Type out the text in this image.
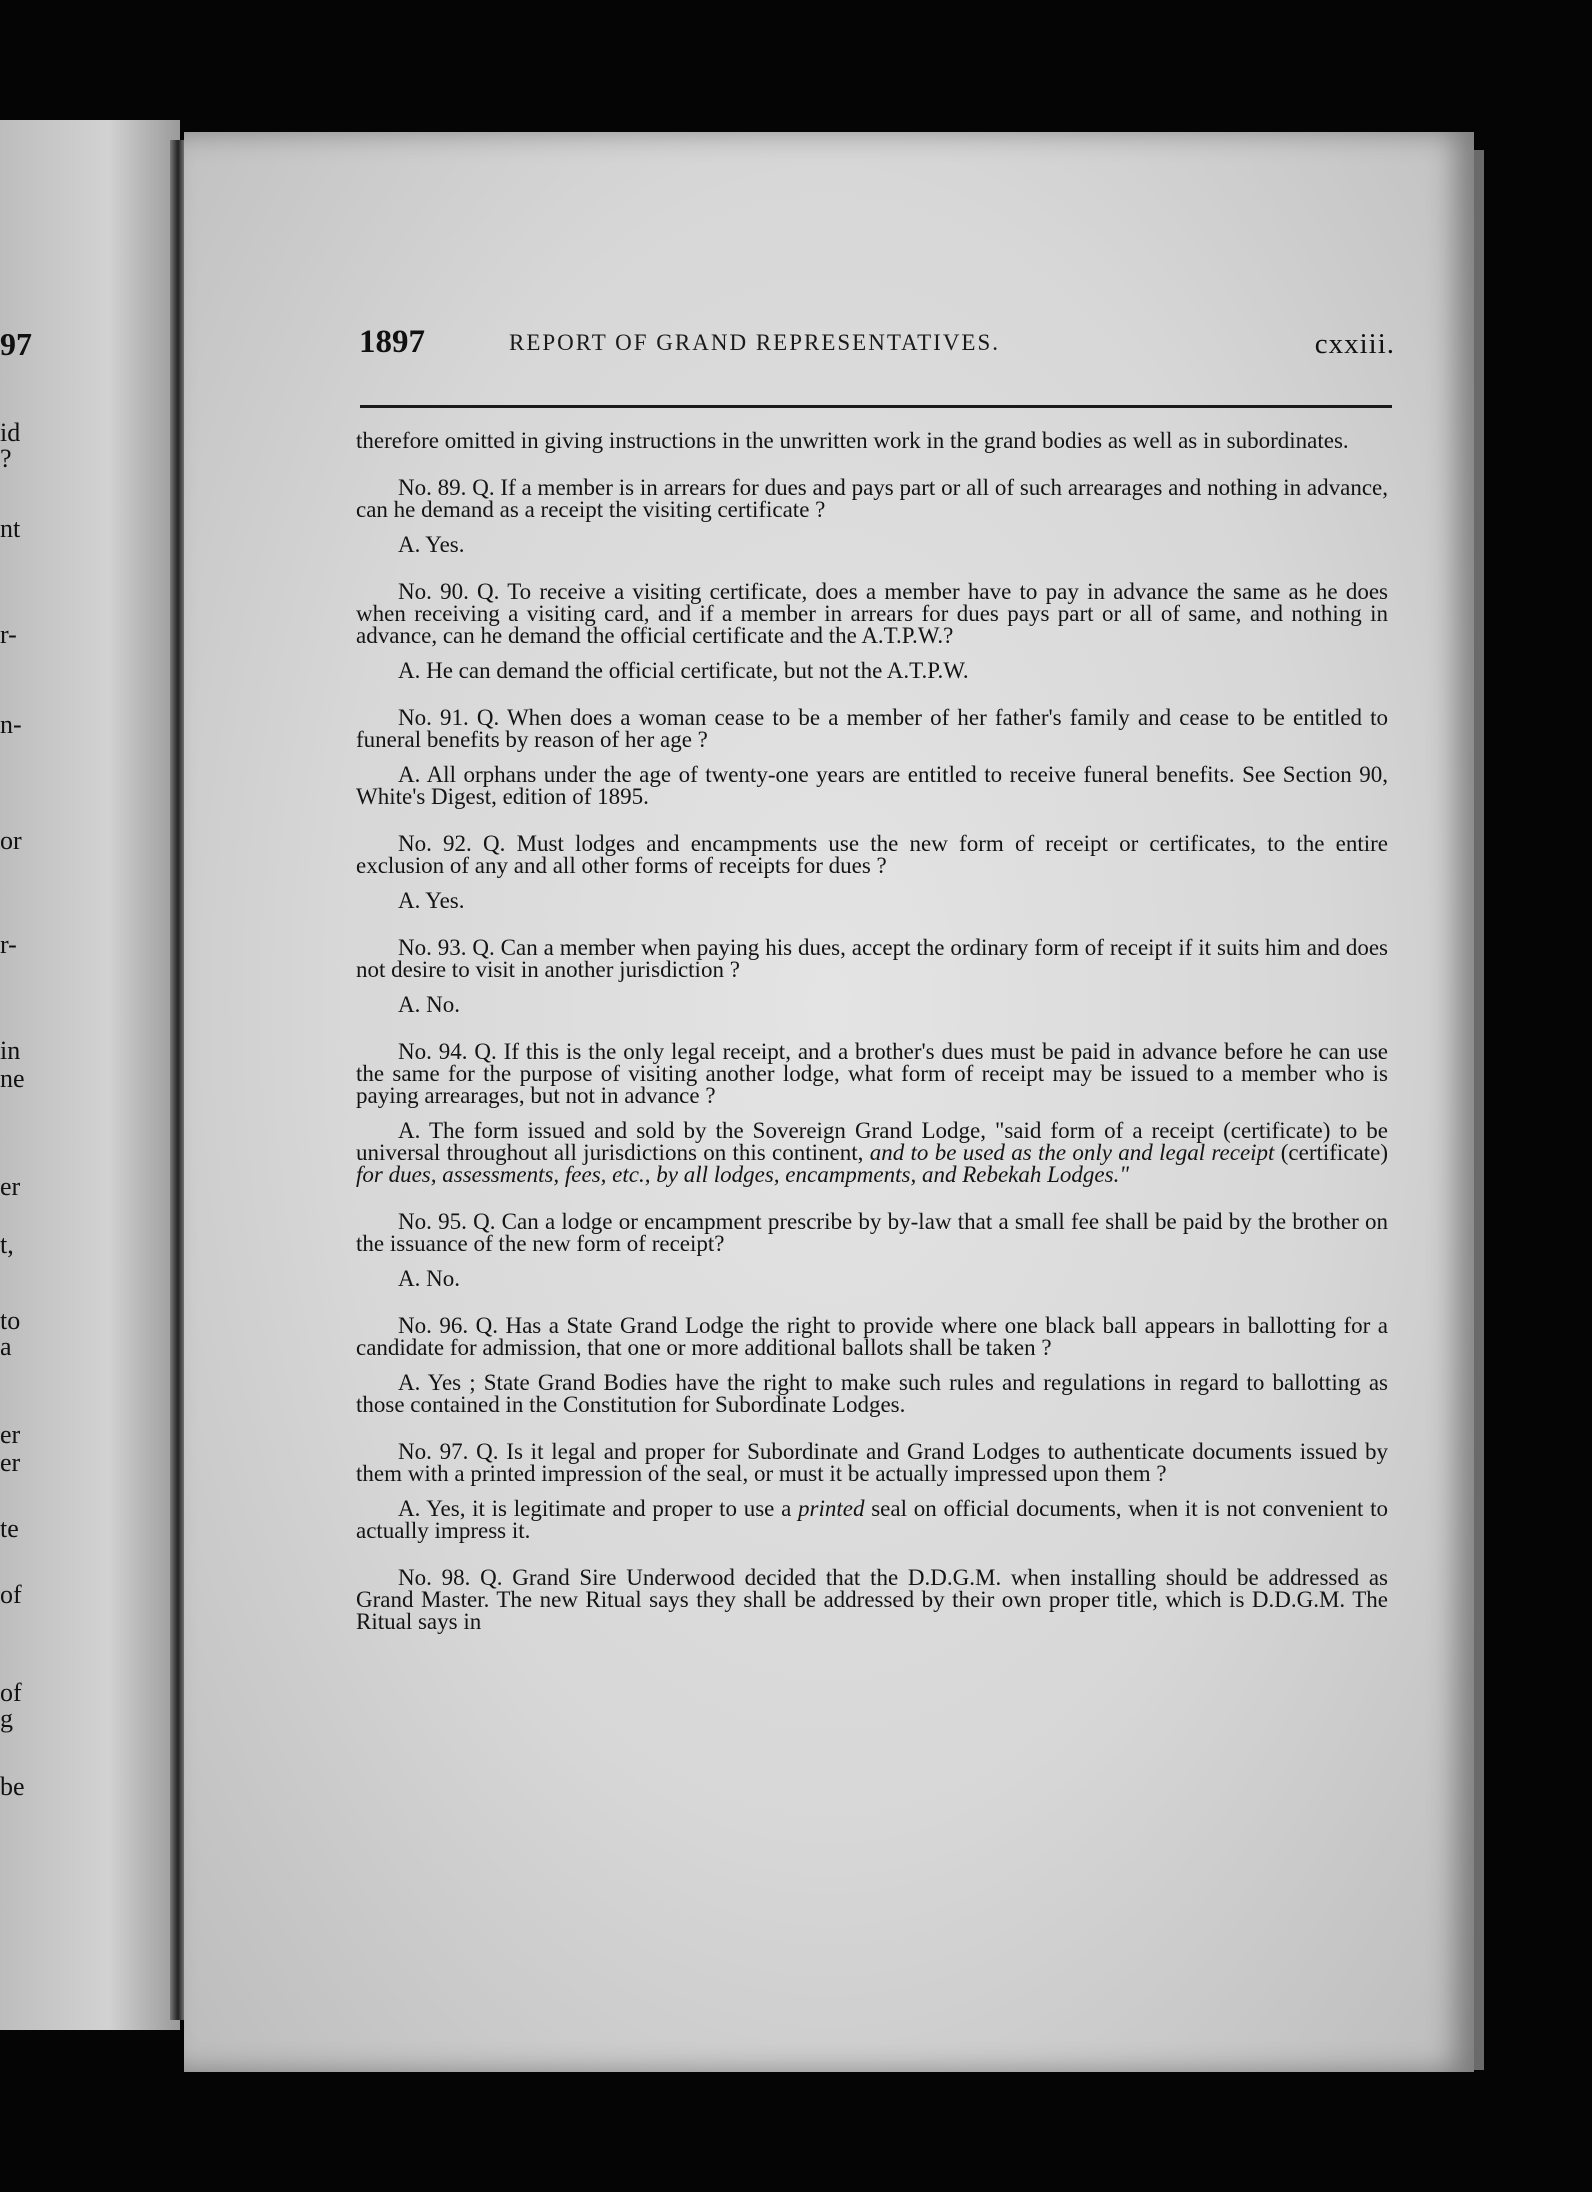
97
id
?
nt
r-
n-
or
r-
in
ne
er
t,
to
a
er
er
te
of
of
g
be
1897	REPORT OF GRAND REPRESENTATIVES.	cxxiii.

therefore omitted in giving instructions in the unwritten work in the grand bodies as well as in subordinates.

No. 89. Q. If a member is in arrears for dues and pays part or all of such arrearages and nothing in advance, can he demand as a receipt the visiting certificate ?

A. Yes.

No. 90. Q. To receive a visiting certificate, does a member have to pay in advance the same as he does when receiving a visiting card, and if a member in arrears for dues pays part or all of same, and nothing in advance, can he demand the official certificate and the A.T.P.W.?

A. He can demand the official certificate, but not the A.T.P.W.

No. 91. Q. When does a woman cease to be a member of her father's family and cease to be entitled to funeral benefits by reason of her age ?

A. All orphans under the age of twenty-one years are entitled to receive funeral benefits. See Section 90, White's Digest, edition of 1895.

No. 92. Q. Must lodges and encampments use the new form of receipt or certificates, to the entire exclusion of any and all other forms of receipts for dues ?

A. Yes.

No. 93. Q. Can a member when paying his dues, accept the ordinary form of receipt if it suits him and does not desire to visit in another jurisdiction ?

A. No.

No. 94. Q. If this is the only legal receipt, and a brother's dues must be paid in advance before he can use the same for the purpose of visiting another lodge, what form of receipt may be issued to a member who is paying arrearages, but not in advance ?

A. The form issued and sold by the Sovereign Grand Lodge, "said form of a receipt (certificate) to be universal throughout all jurisdictions on this continent, and to be used as the only and legal receipt (certificate) for dues, assessments, fees, etc., by all lodges, encampments, and Rebekah Lodges."

No. 95. Q. Can a lodge or encampment prescribe by by-law that a small fee shall be paid by the brother on the issuance of the new form of receipt?

A. No.

No. 96. Q. Has a State Grand Lodge the right to provide where one black ball appears in ballotting for a candidate for admission, that one or more additional ballots shall be taken ?

A. Yes ; State Grand Bodies have the right to make such rules and regulations in regard to ballotting as those contained in the Constitution for Subordinate Lodges.

No. 97. Q. Is it legal and proper for Subordinate and Grand Lodges to authenticate documents issued by them with a printed impression of the seal, or must it be actually impressed upon them ?

A. Yes, it is legitimate and proper to use a printed seal on official documents, when it is not convenient to actually impress it.

No. 98. Q. Grand Sire Underwood decided that the D.D.G.M. when installing should be addressed as Grand Master. The new Ritual says they shall be addressed by their own proper title, which is D.D.G.M. The Ritual says in
